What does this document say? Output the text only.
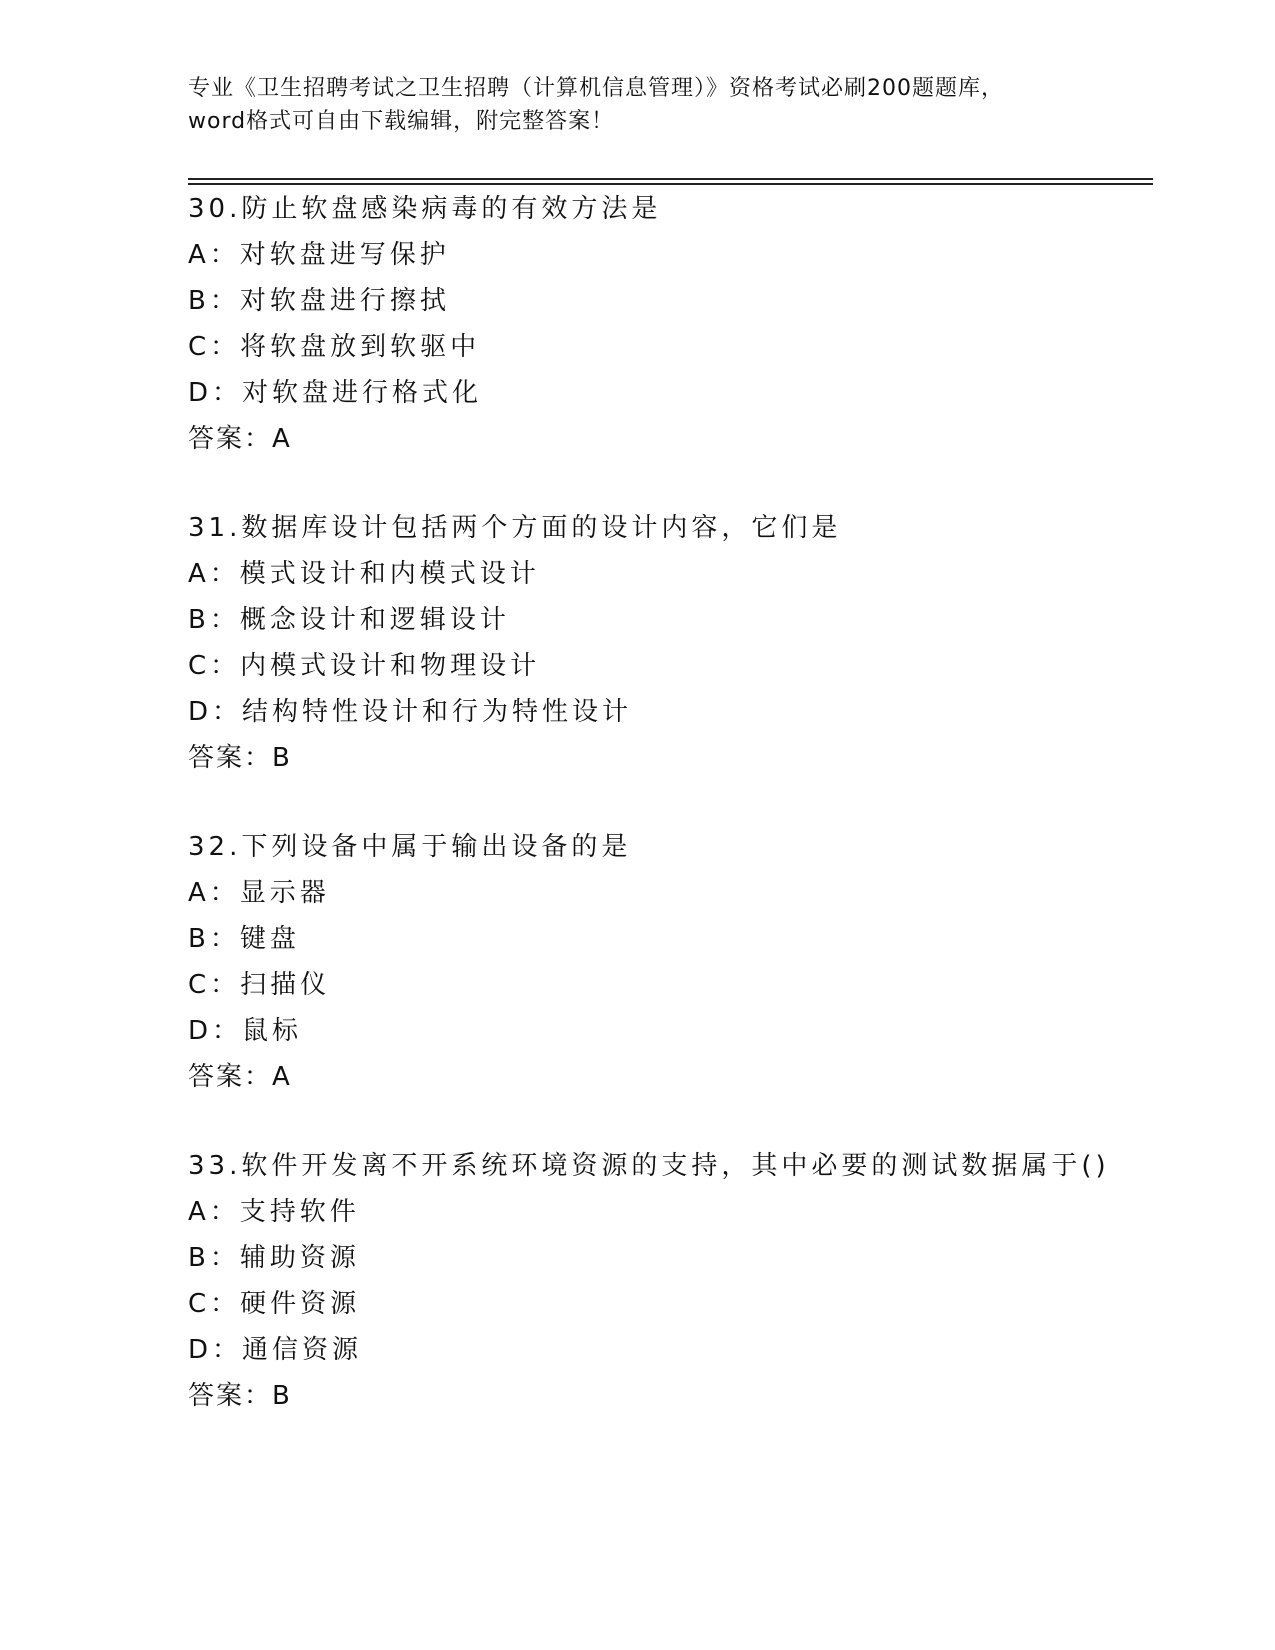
专业《卫生招聘考试之卫生招聘（计算机信息管理）》资格考试必刷200题题库，
word格式可自由下载编辑，附完整答案！
30.防止软盘感染病毒的有效方法是
A：对软盘进写保护
B：对软盘进行擦拭
C：将软盘放到软驱中
D：对软盘进行格式化
答案：A
31.数据库设计包括两个方面的设计内容，它们是
A：模式设计和内模式设计
B：概念设计和逻辑设计
C：内模式设计和物理设计
D：结构特性设计和行为特性设计
答案：B
32.下列设备中属于输出设备的是
A：显示器
B：键盘
C：扫描仪
D：鼠标
答案：A
33.软件开发离不开系统环境资源的支持，其中必要的测试数据属于()
A：支持软件
B：辅助资源
C：硬件资源
D：通信资源
答案：B
